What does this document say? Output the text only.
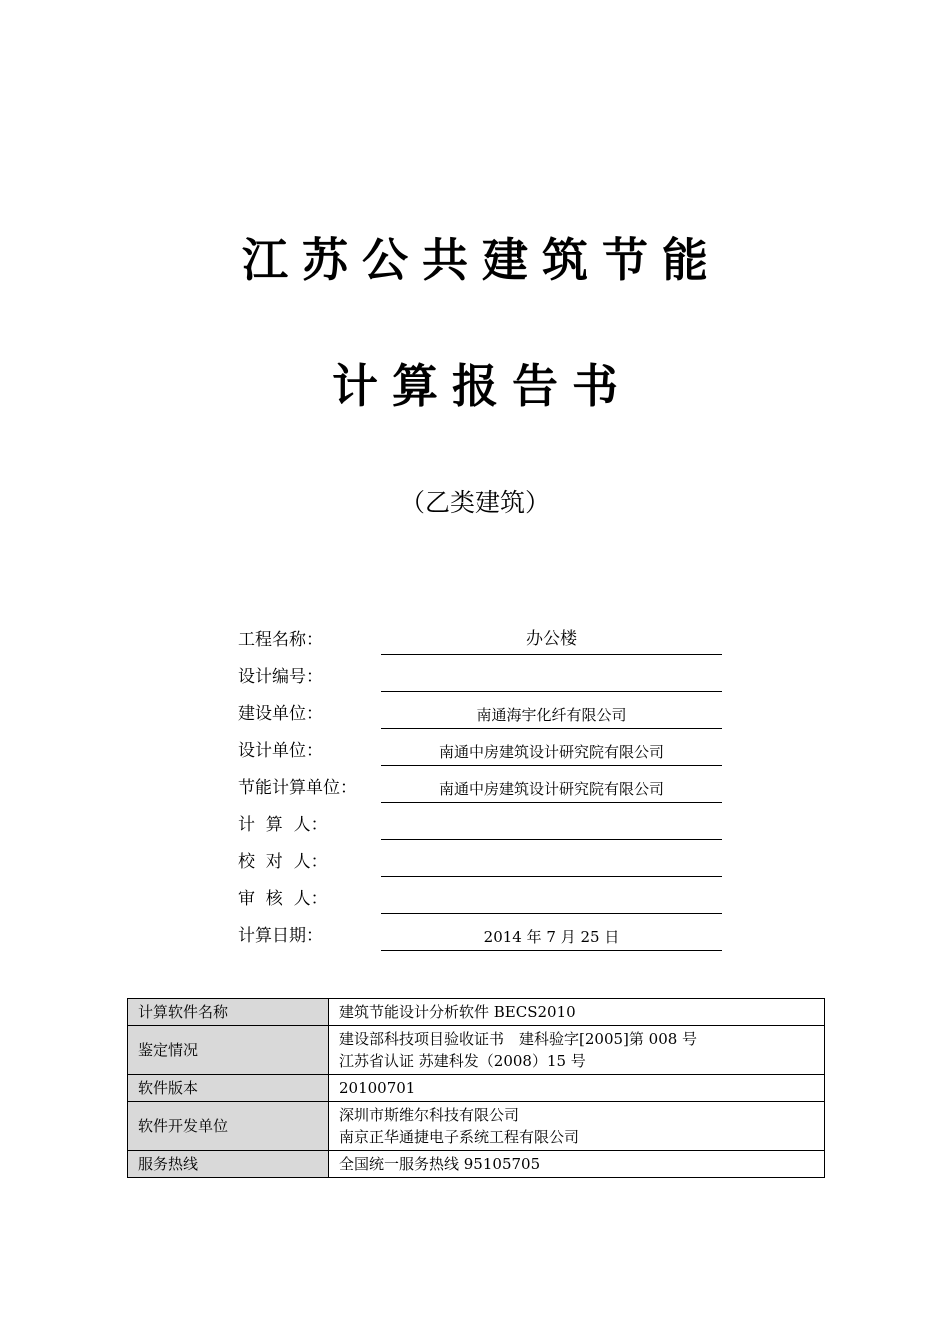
江苏公共建筑节能
计算报告书
（乙类建筑）
工程名称：	办公楼
设计编号：
建设单位：	南通海宇化纤有限公司
设计单位：	南通中房建筑设计研究院有限公司
节能计算单位：	南通中房建筑设计研究院有限公司
计  算  人：
校  对  人：
审  核  人：
计算日期：	2014 年 7 月 25 日
计算软件名称	建筑节能设计分析软件 BECS2010

鉴定情况	建设部科技项目验收证书　建科验字[2005]第 008 号
江苏省认证 苏建科发（2008）15 号

软件版本	20100701

软件开发单位	深圳市斯维尔科技有限公司
南京正华通捷电子系统工程有限公司

服务热线	全国统一服务热线 95105705
